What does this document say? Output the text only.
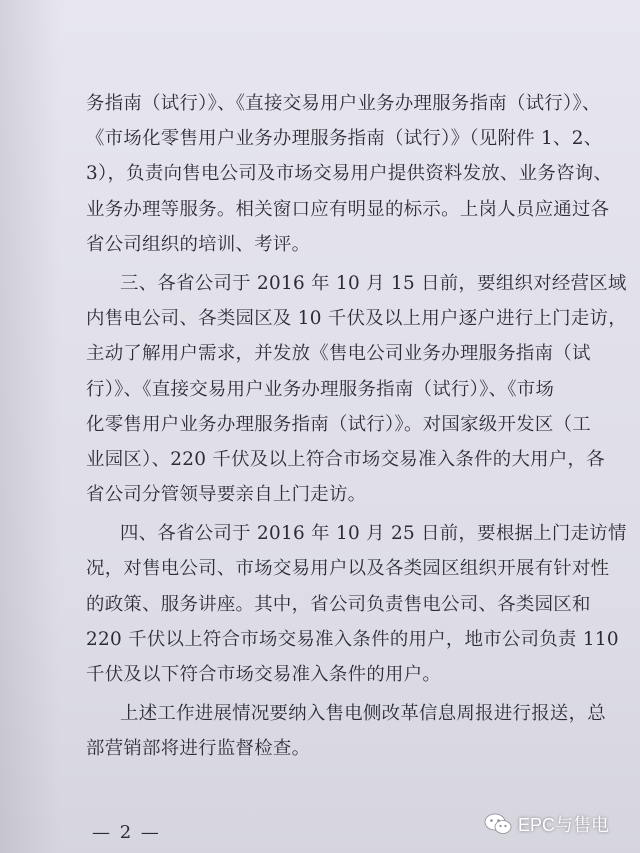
务指南（试行）》、《直接交易用户业务办理服务指南（试行）》、
《市场化零售用户业务办理服务指南（试行）》（见附件 1、2、
3），负责向售电公司及市场交易用户提供资料发放、业务咨询、
业务办理等服务。相关窗口应有明显的标示。上岗人员应通过各
省公司组织的培训、考评。
三、各省公司于 2016 年 10 月 15 日前，要组织对经营区域
内售电公司、各类园区及 10 千伏及以上用户逐户进行上门走访，
主动了解用户需求，并发放《售电公司业务办理服务指南（试
行）》、《直接交易用户业务办理服务指南（试行）》、《市场
化零售用户业务办理服务指南（试行）》。对国家级开发区（工
业园区）、220 千伏及以上符合市场交易准入条件的大用户，各
省公司分管领导要亲自上门走访。
四、各省公司于 2016 年 10 月 25 日前，要根据上门走访情
况，对售电公司、市场交易用户以及各类园区组织开展有针对性
的政策、服务讲座。其中，省公司负责售电公司、各类园区和
220 千伏以上符合市场交易准入条件的用户，地市公司负责 110
千伏及以下符合市场交易准入条件的用户。
上述工作进展情况要纳入售电侧改革信息周报进行报送，总
部营销部将进行监督检查。
— 2 —	EPC与售电
